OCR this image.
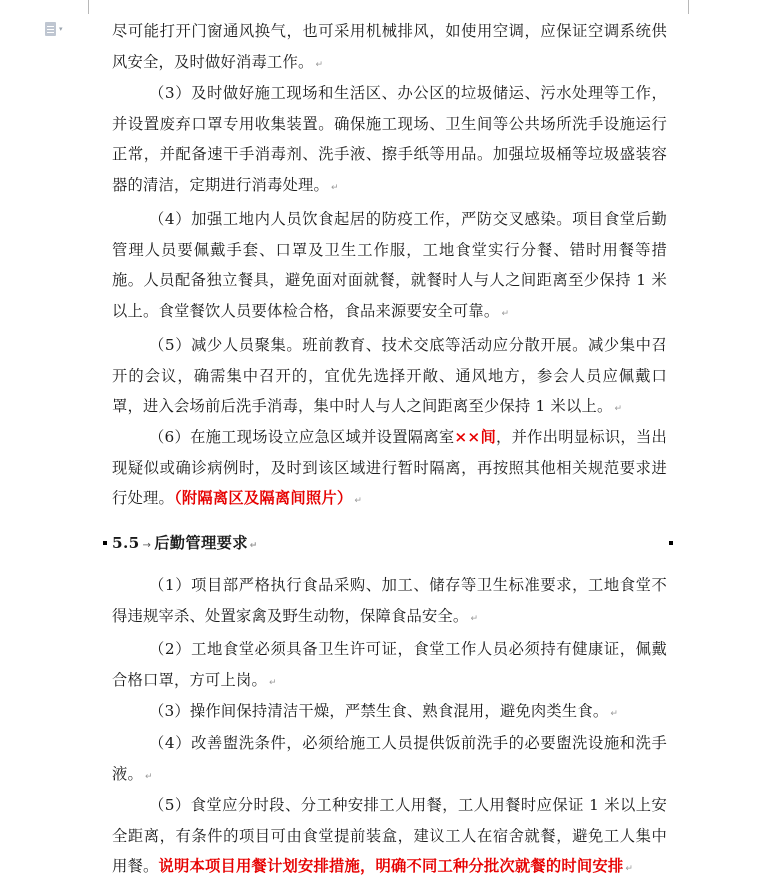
▾	尽可能打开门窗通风换气，也可采用机械排风，如使用空调，应保证空调系统供风安全，及时做好消毒工作。 ↵
（3）及时做好施工现场和生活区、办公区的垃圾储运、污水处理等工作，并设置废弃口罩专用收集装置。确保施工现场、卫生间等公共场所洗手设施运行正常，并配备速干手消毒剂、洗手液、擦手纸等用品。加强垃圾桶等垃圾盛装容器的清洁，定期进行消毒处理。 ↵
（4）加强工地内人员饮食起居的防疫工作，严防交叉感染。项目食堂后勤管理人员要佩戴手套、口罩及卫生工作服，工地食堂实行分餐、错时用餐等措施。人员配备独立餐具，避免面对面就餐，就餐时人与人之间距离至少保持 1 米以上。食堂餐饮人员要体检合格，食品来源要安全可靠。 ↵
（5）减少人员聚集。班前教育、技术交底等活动应分散开展。减少集中召开的会议，确需集中召开的，宜优先选择开敞、通风地方，参会人员应佩戴口罩，进入会场前后洗手消毒，集中时人与人之间距离至少保持 1 米以上。 ↵
（6）在施工现场设立应急区域并设置隔离室××间，并作出明显标识，当出现疑似或确诊病例时，及时到该区域进行暂时隔离，再按照其他相关规范要求进行处理。（附隔离区及隔离间照片） ↵
5.5 → 后勤管理要求 ↵
（1）项目部严格执行食品采购、加工、储存等卫生标准要求，工地食堂不得违规宰杀、处置家禽及野生动物，保障食品安全。 ↵
（2）工地食堂必须具备卫生许可证，食堂工作人员必须持有健康证，佩戴合格口罩，方可上岗。 ↵
（3）操作间保持清洁干燥，严禁生食、熟食混用，避免肉类生食。 ↵
（4）改善盥洗条件，必须给施工人员提供饭前洗手的必要盥洗设施和洗手液。 ↵
（5）食堂应分时段、分工种安排工人用餐，工人用餐时应保证 1 米以上安全距离，有条件的项目可由食堂提前装盒，建议工人在宿舍就餐，避免工人集中用餐。说明本项目用餐计划安排措施，明确不同工种分批次就餐的时间安排 ↵
